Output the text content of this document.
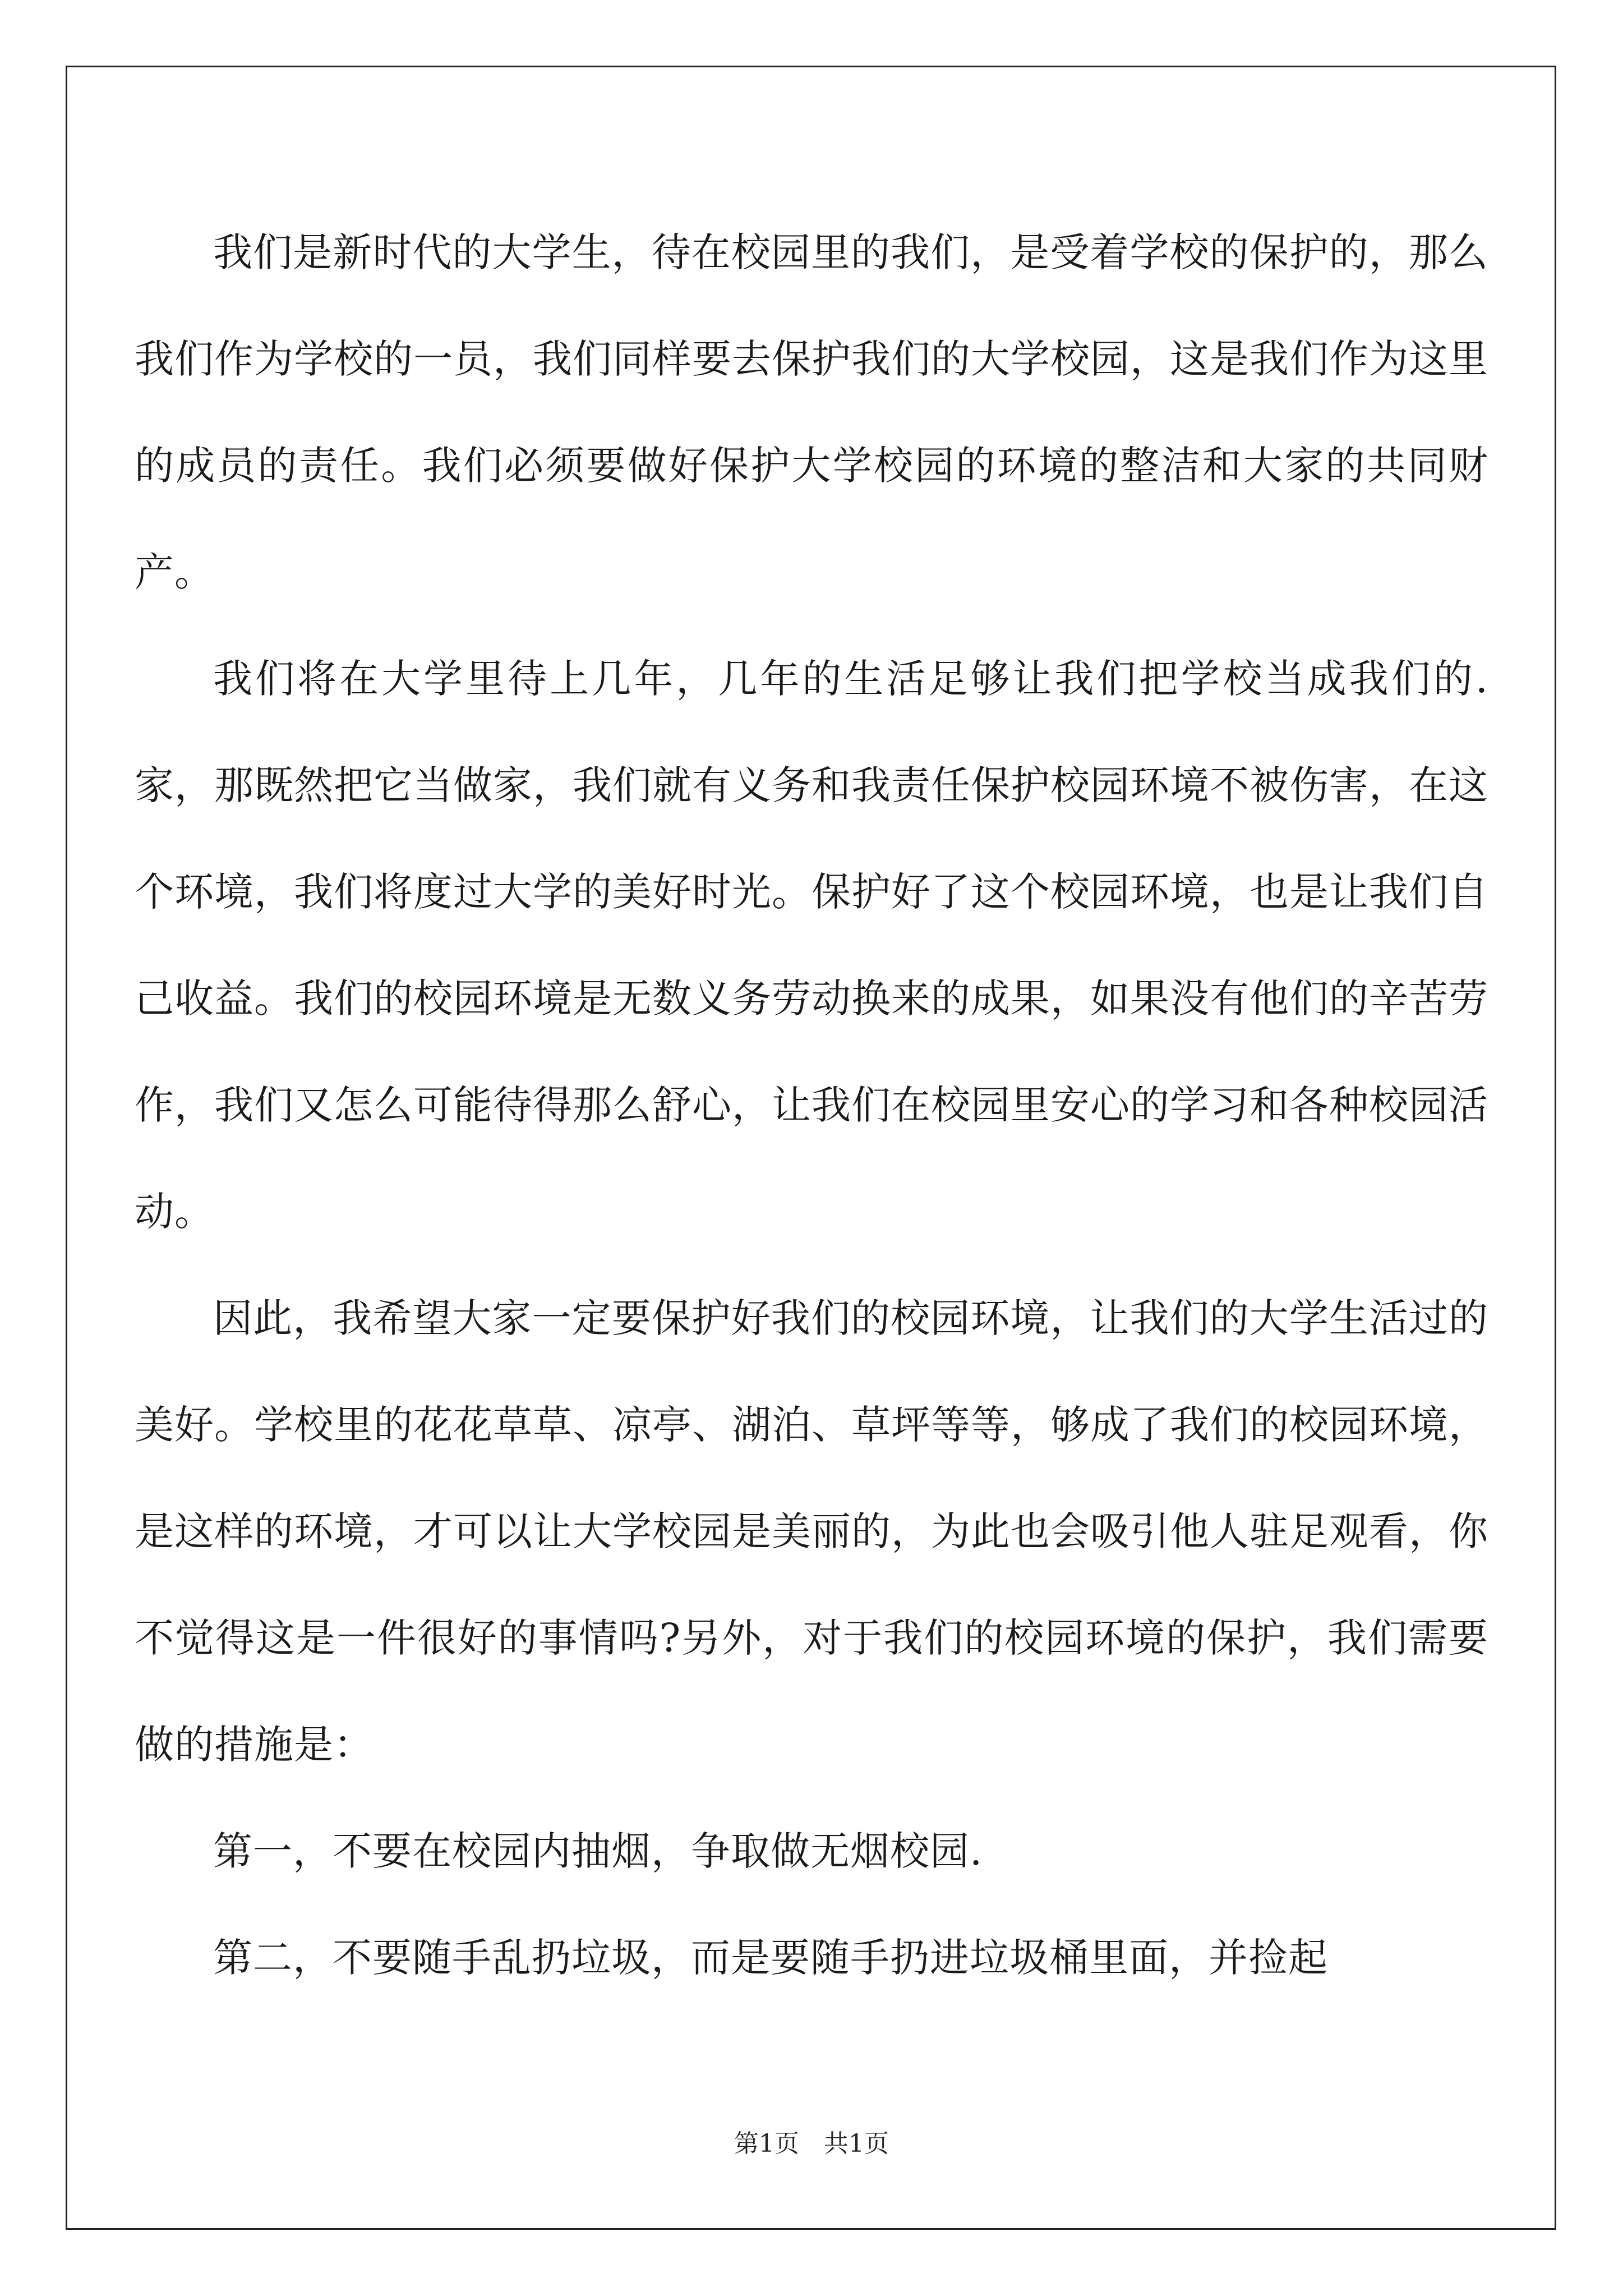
我们是新时代的大学生，待在校园里的我们，是受着学校的保护的，那么我们作为学校的一员，我们同样要去保护我们的大学校园，这是我们作为这里的成员的责任。我们必须要做好保护大学校园的环境的整洁和大家的共同财产。

我们将在大学里待上几年，几年的生活足够让我们把学校当成我们的.家，那既然把它当做家，我们就有义务和我责任保护校园环境不被伤害，在这个环境，我们将度过大学的美好时光。保护好了这个校园环境，也是让我们自己收益。我们的校园环境是无数义务劳动换来的成果，如果没有他们的辛苦劳作，我们又怎么可能待得那么舒心，让我们在校园里安心的学习和各种校园活动。

因此，我希望大家一定要保护好我们的校园环境，让我们的大学生活过的美好。学校里的花花草草、凉亭、湖泊、草坪等等，够成了我们的校园环境，是这样的环境，才可以让大学校园是美丽的，为此也会吸引他人驻足观看，你不觉得这是一件很好的事情吗?另外，对于我们的校园环境的保护，我们需要做的措施是：

第一，不要在校园内抽烟，争取做无烟校园.

第二，不要随手乱扔垃圾，而是要随手扔进垃圾桶里面，并捡起

第1页　共1页
